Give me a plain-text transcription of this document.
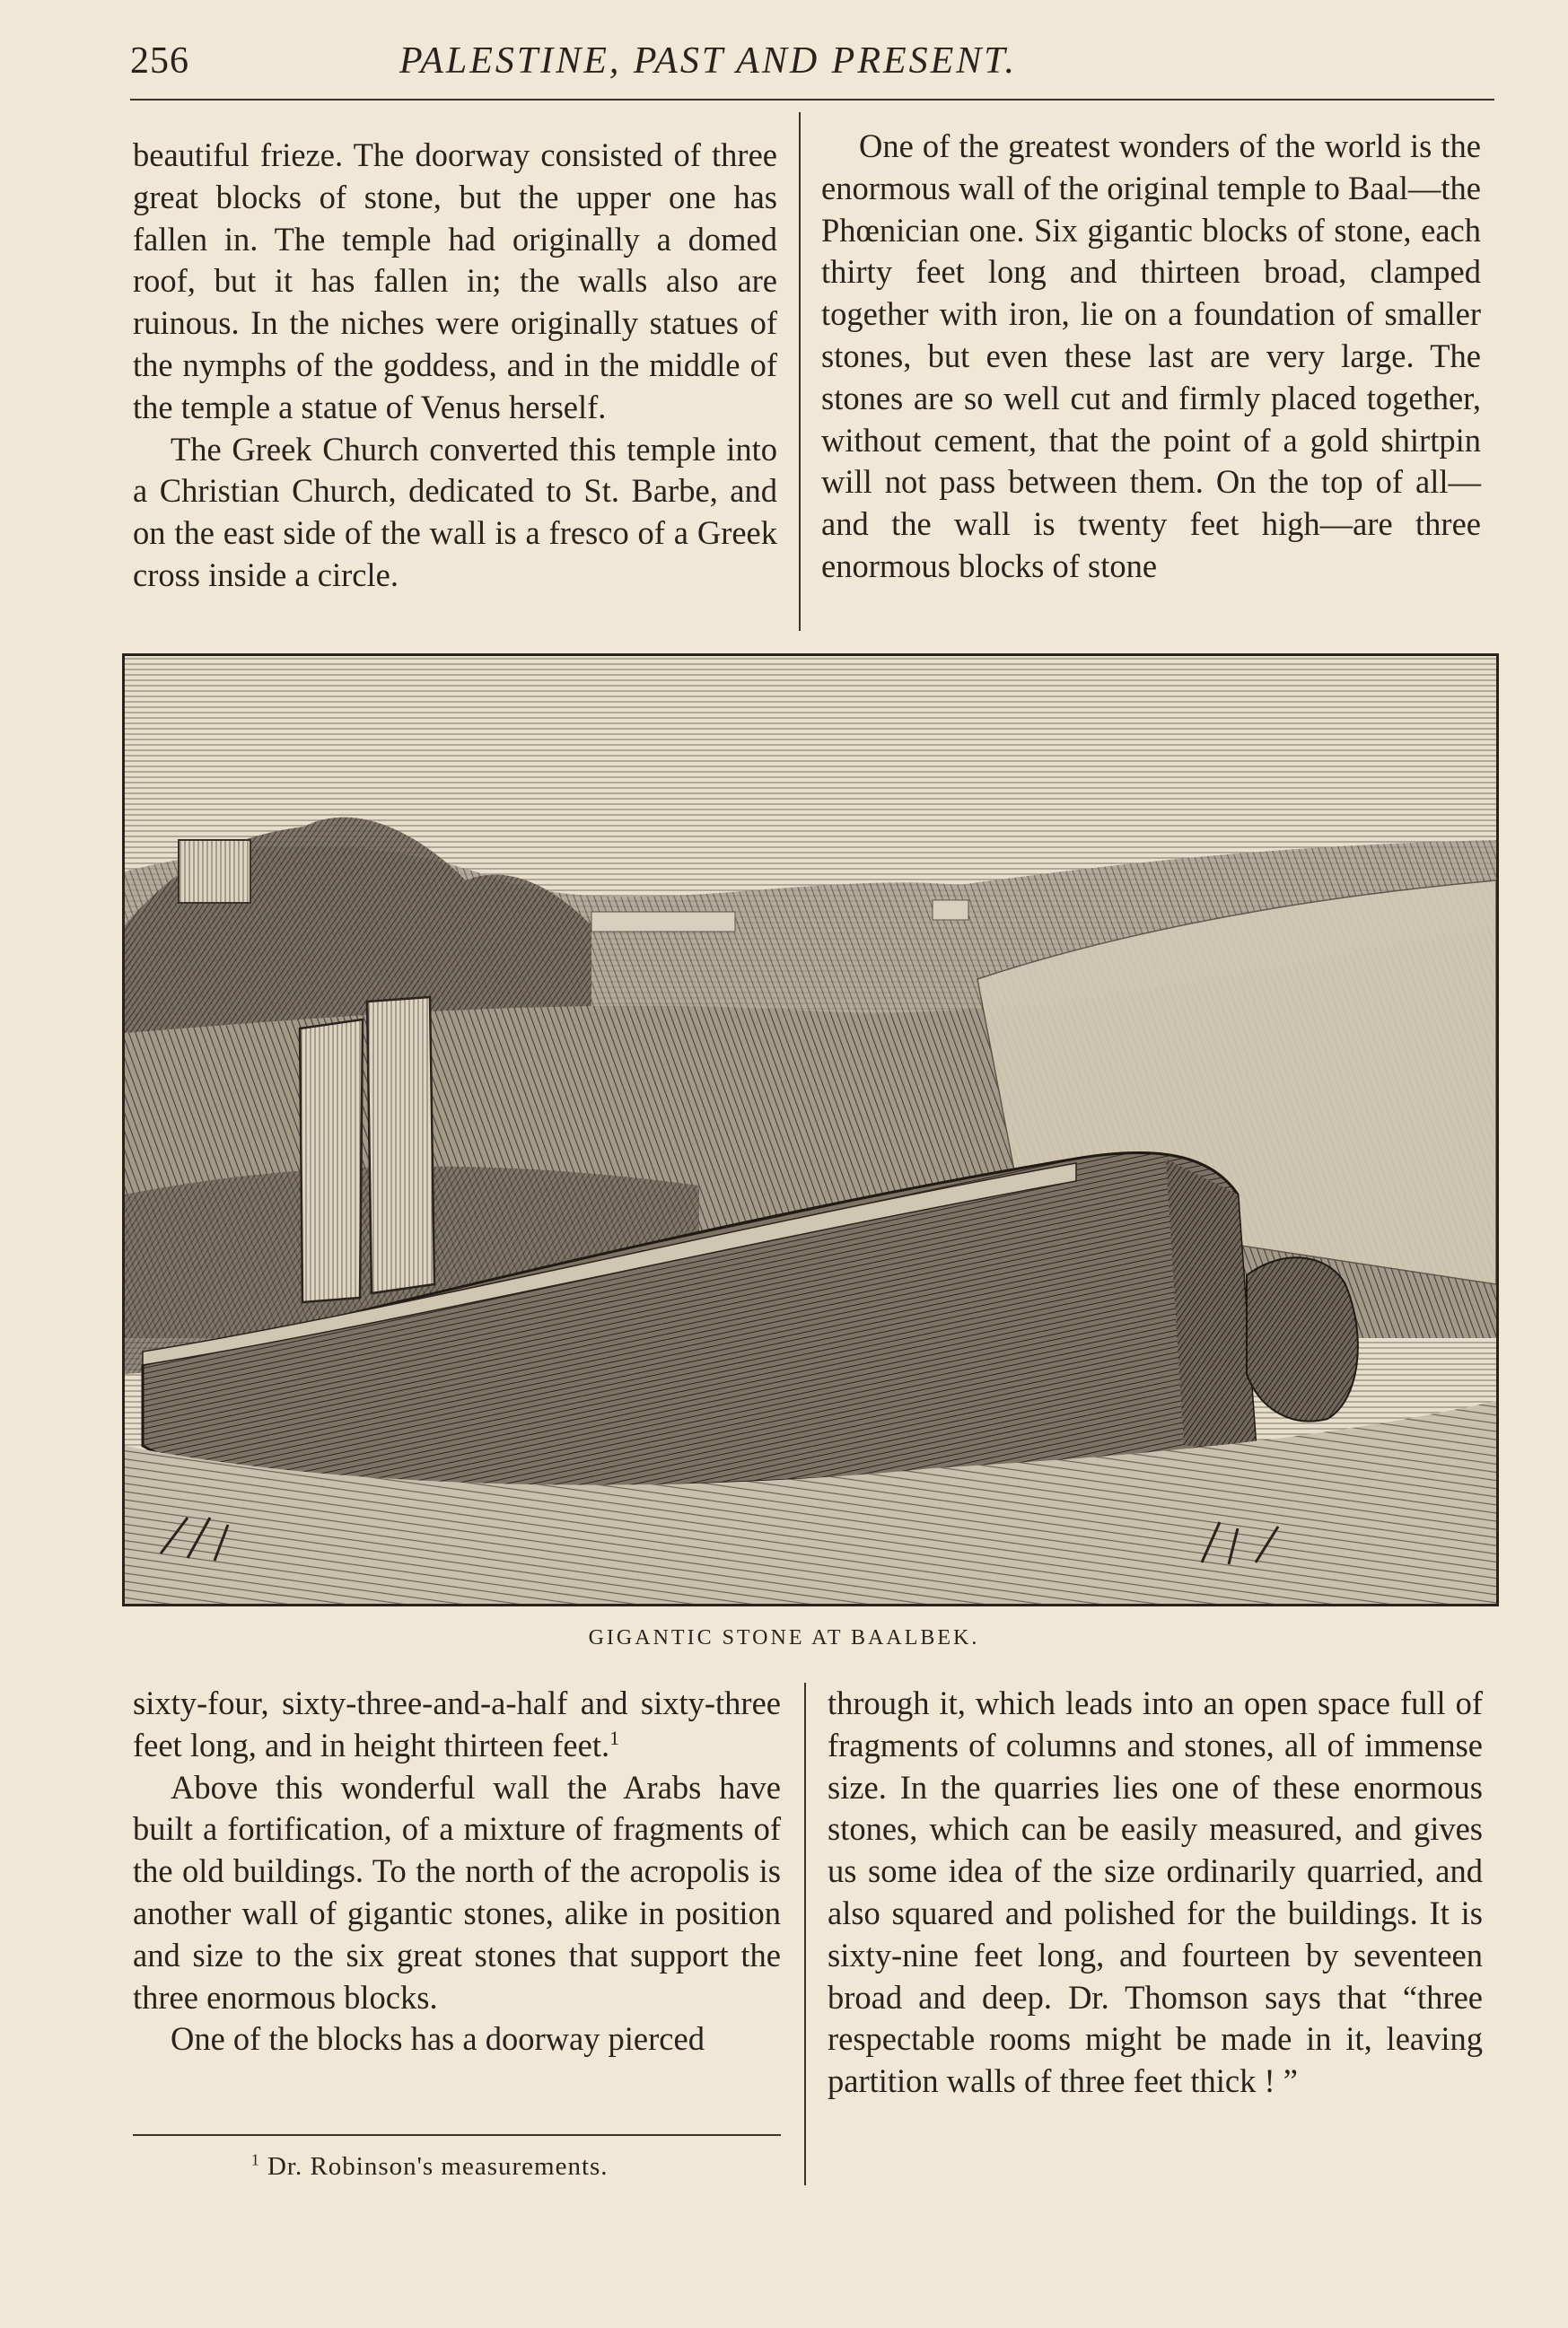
256	PALESTINE, PAST AND PRESENT.

beautiful frieze. The doorway consisted of three great blocks of stone, but the upper one has fallen in. The temple had originally a domed roof, but it has fallen in; the walls also are ruinous. In the niches were originally statues of the nymphs of the goddess, and in the middle of the temple a statue of Venus herself.

The Greek Church converted this temple into a Christian Church, dedicated to St. Barbe, and on the east side of the wall is a fresco of a Greek cross inside a circle.

One of the greatest wonders of the world is the enormous wall of the original temple to Baal—the Phœnician one. Six gigantic blocks of stone, each thirty feet long and thirteen broad, clamped together with iron, lie on a foundation of smaller stones, but even these last are very large. The stones are so well cut and firmly placed together, without cement, that the point of a gold shirtpin will not pass between them. On the top of all—and the wall is twenty feet high—are three enormous blocks of stone

GIGANTIC STONE AT BAALBEK.

sixty-four, sixty-three-and-a-half and sixty-three feet long, and in height thirteen feet.$^1$

Above this wonderful wall the Arabs have built a fortification, of a mixture of fragments of the old buildings. To the north of the acropolis is another wall of gigantic stones, alike in position and size to the six great stones that support the three enormous blocks.

One of the blocks has a doorway pierced

through it, which leads into an open space full of fragments of columns and stones, all of immense size. In the quarries lies one of these enormous stones, which can be easily measured, and gives us some idea of the size ordinarily quarried, and also squared and polished for the buildings. It is sixty-nine feet long, and fourteen by seventeen broad and deep. Dr. Thomson says that “three respectable rooms might be made in it, leaving partition walls of three feet thick ! ”

$^1$ Dr. Robinson's measurements.
